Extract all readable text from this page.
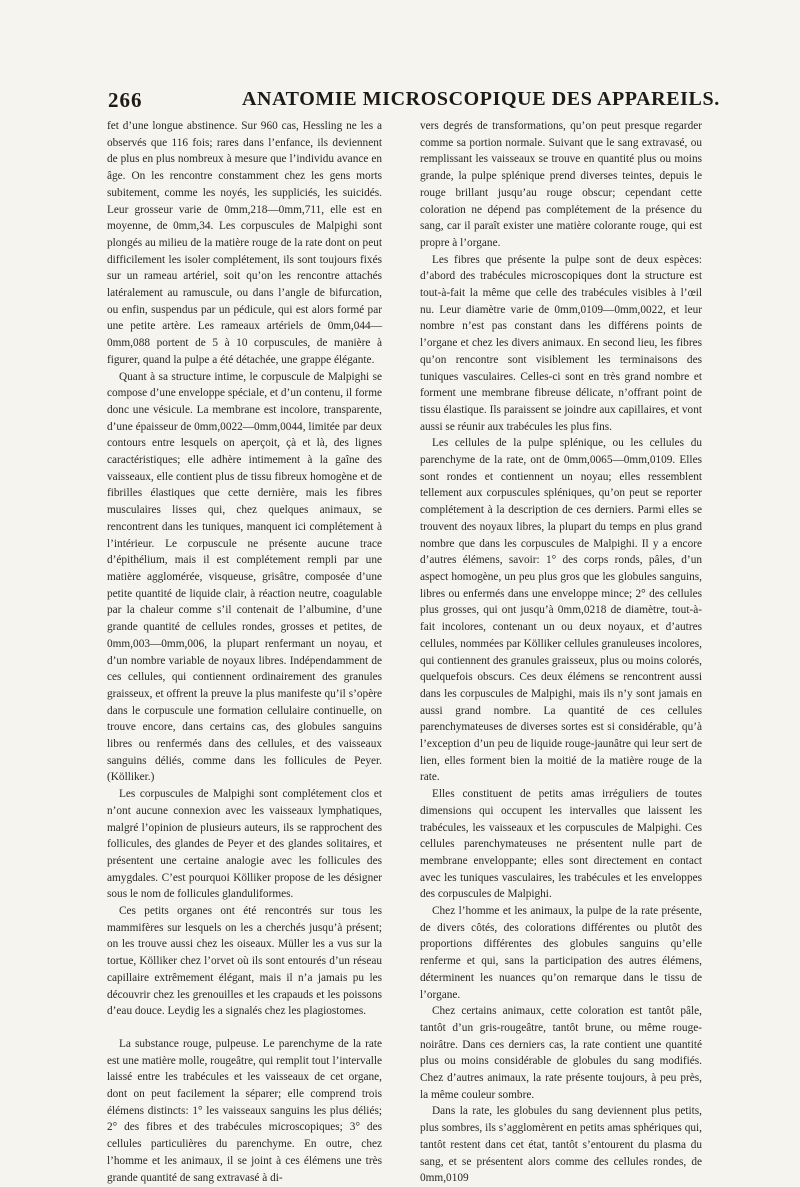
266	ANATOMIE MICROSCOPIQUE DES APPAREILS.

fet d’une longue abstinence. Sur 960 cas, Hessling ne les a observés que 116 fois; rares dans l’enfance, ils deviennent de plus en plus nombreux à mesure que l’individu avance en âge. On les rencontre constamment chez les gens morts subitement, comme les noyés, les suppliciés, les suicidés. Leur grosseur varie de 0mm,218—0mm,711, elle est en moyenne, de 0mm,34. Les corpuscules de Malpighi sont plongés au milieu de la matière rouge de la rate dont on peut difficilement les isoler complétement, ils sont toujours fixés sur un rameau artériel, soit qu’on les rencontre attachés latéralement au ramuscule, ou dans l’angle de bifurcation, ou enfin, suspendus par un pédicule, qui est alors formé par une petite artère. Les rameaux artériels de 0mm,044—0mm,088 portent de 5 à 10 corpuscules, de manière à figurer, quand la pulpe a été détachée, une grappe élégante.

Quant à sa structure intime, le corpuscule de Malpighi se compose d’une enveloppe spéciale, et d’un contenu, il forme donc une vésicule. La membrane est incolore, transparente, d’une épaisseur de 0mm,0022—0mm,0044, limitée par deux contours entre lesquels on aperçoit, çà et là, des lignes caractéristiques; elle adhère intimement à la gaîne des vaisseaux, elle contient plus de tissu fibreux homogène et de fibrilles élastiques que cette dernière, mais les fibres musculaires lisses qui, chez quelques animaux, se rencontrent dans les tuniques, manquent ici complétement à l’intérieur. Le corpuscule ne présente aucune trace d’épithélium, mais il est complétement rempli par une matière agglomérée, visqueuse, grisâtre, composée d’une petite quantité de liquide clair, à réaction neutre, coagulable par la chaleur comme s’il contenait de l’albumine, d’une grande quantité de cellules rondes, grosses et petites, de 0mm,003—0mm,006, la plupart renfermant un noyau, et d’un nombre variable de noyaux libres. Indépendamment de ces cellules, qui contiennent ordinairement des granules graisseux, et offrent la preuve la plus manifeste qu’il s’opère dans le corpuscule une formation cellulaire continuelle, on trouve encore, dans certains cas, des globules sanguins libres ou renfermés dans des cellules, et des vaisseaux sanguins déliés, comme dans les follicules de Peyer. (Kölliker.)

Les corpuscules de Malpighi sont complétement clos et n’ont aucune connexion avec les vaisseaux lymphatiques, malgré l’opinion de plusieurs auteurs, ils se rapprochent des follicules, des glandes de Peyer et des glandes solitaires, et présentent une certaine analogie avec les follicules des amygdales. C’est pourquoi Kölliker propose de les désigner sous le nom de follicules glanduliformes.

Ces petits organes ont été rencontrés sur tous les mammifères sur lesquels on les a cherchés jusqu’à présent; on les trouve aussi chez les oiseaux. Müller les a vus sur la tortue, Kölliker chez l’orvet où ils sont entourés d’un réseau capillaire extrêmement élégant, mais il n’a jamais pu les découvrir chez les grenouilles et les crapauds et les poissons d’eau douce. Leydig les a signalés chez les plagiostomes.

La substance rouge, pulpeuse. Le parenchyme de la rate est une matière molle, rougeâtre, qui remplit tout l’intervalle laissé entre les trabécules et les vaisseaux de cet organe, dont on peut facilement la séparer; elle comprend trois élémens distincts: 1° les vaisseaux sanguins les plus déliés; 2° des fibres et des trabécules microscopiques; 3° des cellules particulières du parenchyme. En outre, chez l’homme et les animaux, il se joint à ces élémens une très grande quantité de sang extravasé à di-

vers degrés de transformations, qu’on peut presque regarder comme sa portion normale. Suivant que le sang extravasé, ou remplissant les vaisseaux se trouve en quantité plus ou moins grande, la pulpe splénique prend diverses teintes, depuis le rouge brillant jusqu’au rouge obscur; cependant cette coloration ne dépend pas complétement de la présence du sang, car il paraît exister une matière colorante rouge, qui est propre à l’organe.

Les fibres que présente la pulpe sont de deux espèces: d’abord des trabécules microscopiques dont la structure est tout-à-fait la même que celle des trabécules visibles à l’œil nu. Leur diamètre varie de 0mm,0109—0mm,0022, et leur nombre n’est pas constant dans les différens points de l’organe et chez les divers animaux. En second lieu, les fibres qu’on rencontre sont visiblement les terminaisons des tuniques vasculaires. Celles-ci sont en très grand nombre et forment une membrane fibreuse délicate, n’offrant point de tissu élastique. Ils paraissent se joindre aux capillaires, et vont aussi se réunir aux trabécules les plus fins.

Les cellules de la pulpe splénique, ou les cellules du parenchyme de la rate, ont de 0mm,0065—0mm,0109. Elles sont rondes et contiennent un noyau; elles ressemblent tellement aux corpuscules spléniques, qu’on peut se reporter complétement à la description de ces derniers. Parmi elles se trouvent des noyaux libres, la plupart du temps en plus grand nombre que dans les corpuscules de Malpighi. Il y a encore d’autres élémens, savoir: 1° des corps ronds, pâles, d’un aspect homogène, un peu plus gros que les globules sanguins, libres ou enfermés dans une enveloppe mince; 2° des cellules plus grosses, qui ont jusqu’à 0mm,0218 de diamètre, tout-à-fait incolores, contenant un ou deux noyaux, et d’autres cellules, nommées par Kölliker cellules granuleuses incolores, qui contiennent des granules graisseux, plus ou moins colorés, quelquefois obscurs. Ces deux élémens se rencontrent aussi dans les corpuscules de Malpighi, mais ils n’y sont jamais en aussi grand nombre. La quantité de ces cellules parenchymateuses de diverses sortes est si considérable, qu’à l’exception d’un peu de liquide rouge-jaunâtre qui leur sert de lien, elles forment bien la moitié de la matière rouge de la rate.

Elles constituent de petits amas irréguliers de toutes dimensions qui occupent les intervalles que laissent les trabécules, les vaisseaux et les corpuscules de Malpighi. Ces cellules parenchymateuses ne présentent nulle part de membrane enveloppante; elles sont directement en contact avec les tuniques vasculaires, les trabécules et les enveloppes des corpuscules de Malpighi.

Chez l’homme et les animaux, la pulpe de la rate présente, de divers côtés, des colorations différentes ou plutôt des proportions différentes des globules sanguins qu’elle renferme et qui, sans la participation des autres élémens, déterminent les nuances qu’on remarque dans le tissu de l’organe.

Chez certains animaux, cette coloration est tantôt pâle, tantôt d’un gris-rougeâtre, tantôt brune, ou même rouge-noirâtre. Dans ces derniers cas, la rate contient une quantité plus ou moins considérable de globules du sang modifiés. Chez d’autres animaux, la rate présente toujours, à peu près, la même couleur sombre.

Dans la rate, les globules du sang deviennent plus petits, plus sombres, ils s’agglomèrent en petits amas sphériques qui, tantôt restent dans cet état, tantôt s’entourent du plasma du sang, et se présentent alors comme des cellules rondes, de 0mm,0109
